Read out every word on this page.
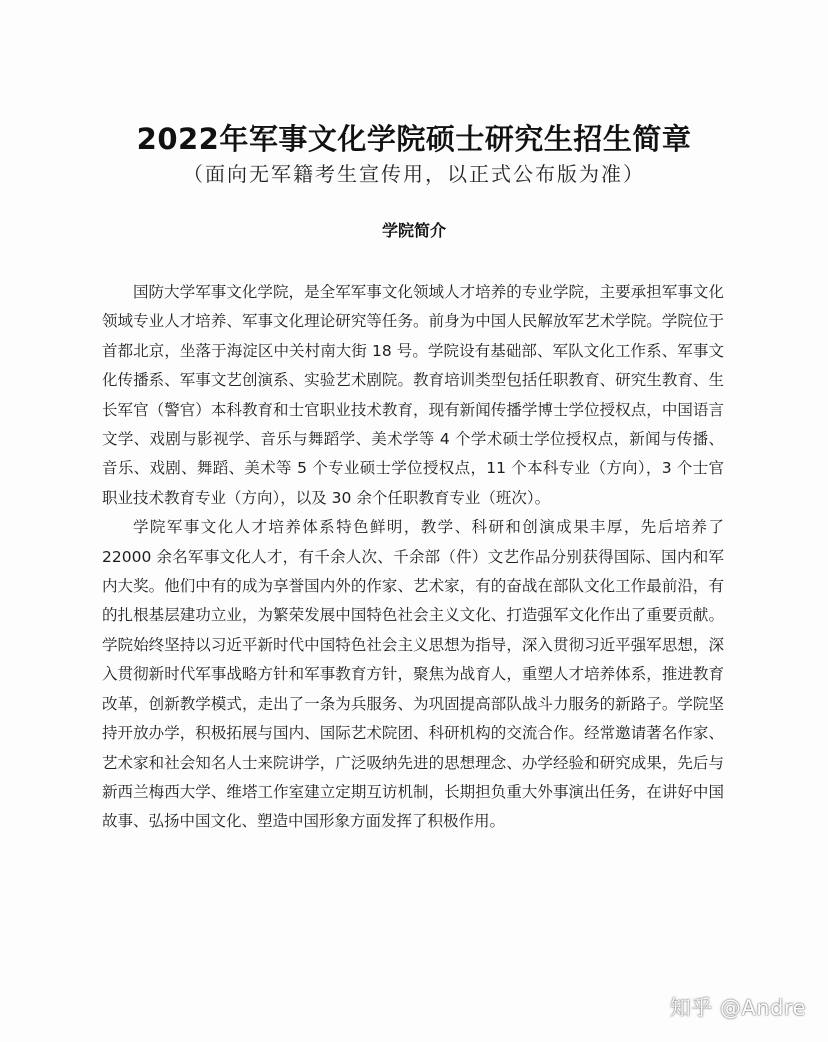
2022年军事文化学院硕士研究生招生简章
（面向无军籍考生宣传用，以正式公布版为准）
学院简介

国防大学军事文化学院，是全军军事文化领域人才培养的专业学院，主要承担军事文化领域专业人才培养、军事文化理论研究等任务。前身为中国人民解放军艺术学院。学院位于首都北京，坐落于海淀区中关村南大街 18 号。学院设有基础部、军队文化工作系、军事文化传播系、军事文艺创演系、实验艺术剧院。教育培训类型包括任职教育、研究生教育、生长军官（警官）本科教育和士官职业技术教育，现有新闻传播学博士学位授权点，中国语言文学、戏剧与影视学、音乐与舞蹈学、美术学等 4 个学术硕士学位授权点，新闻与传播、音乐、戏剧、舞蹈、美术等 5 个专业硕士学位授权点，11 个本科专业（方向），3 个士官职业技术教育专业（方向），以及 30 余个任职教育专业（班次）。

学院军事文化人才培养体系特色鲜明，教学、科研和创演成果丰厚，先后培养了 22000 余名军事文化人才，有千余人次、千余部（件）文艺作品分别获得国际、国内和军内大奖。他们中有的成为享誉国内外的作家、艺术家，有的奋战在部队文化工作最前沿，有的扎根基层建功立业，为繁荣发展中国特色社会主义文化、打造强军文化作出了重要贡献。学院始终坚持以习近平新时代中国特色社会主义思想为指导，深入贯彻习近平强军思想，深入贯彻新时代军事战略方针和军事教育方针，聚焦为战育人，重塑人才培养体系，推进教育改革，创新教学模式，走出了一条为兵服务、为巩固提高部队战斗力服务的新路子。学院坚持开放办学，积极拓展与国内、国际艺术院团、科研机构的交流合作。经常邀请著名作家、艺术家和社会知名人士来院讲学，广泛吸纳先进的思想理念、办学经验和研究成果，先后与新西兰梅西大学、维塔工作室建立定期互访机制，长期担负重大外事演出任务，在讲好中国故事、弘扬中国文化、塑造中国形象方面发挥了积极作用。

知乎 @Andre
